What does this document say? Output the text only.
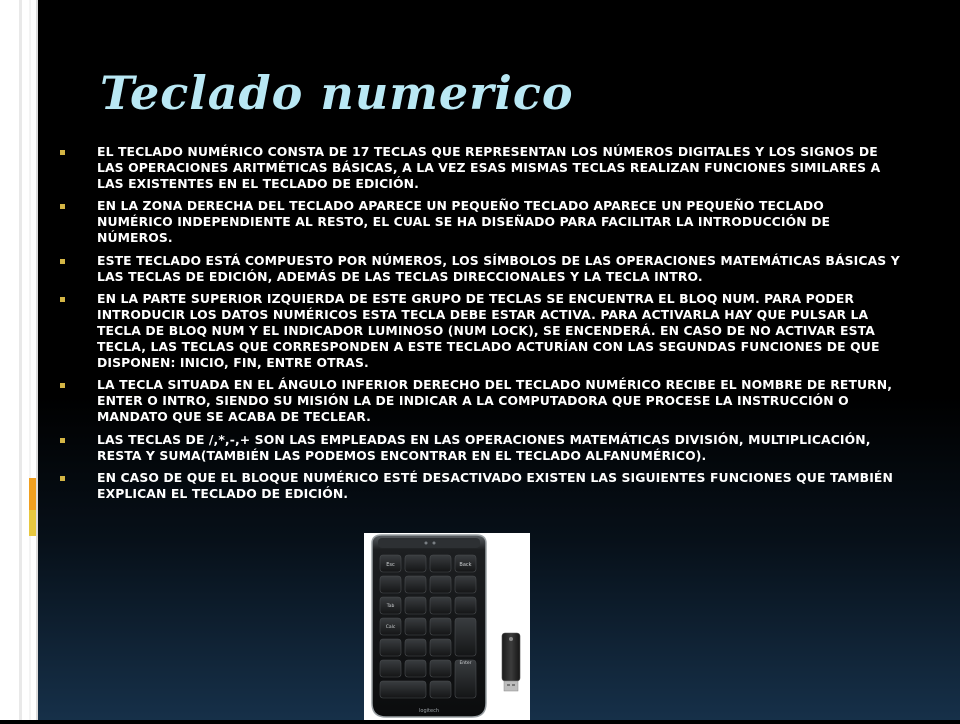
Teclado numerico
EL TECLADO NUMÉRICO CONSTA DE 17 TECLAS QUE REPRESENTAN LOS NÚMEROS DIGITALES Y LOS SIGNOS DE LAS OPERACIONES ARITMÉTICAS BÁSICAS, A LA VEZ ESAS MISMAS TECLAS REALIZAN FUNCIONES SIMILARES A LAS EXISTENTES EN EL TECLADO DE EDICIÓN.
EN LA ZONA DERECHA DEL TECLADO APARECE UN PEQUEÑO TECLADO APARECE UN PEQUEÑO TECLADO NUMÉRICO INDEPENDIENTE AL RESTO, EL CUAL SE HA DISEÑADO PARA FACILITAR LA INTRODUCCIÓN DE NÚMEROS.
ESTE TECLADO ESTÁ COMPUESTO POR NÚMEROS, LOS SÍMBOLOS DE LAS OPERACIONES MATEMÁTICAS BÁSICAS Y LAS TECLAS DE EDICIÓN, ADEMÁS DE LAS TECLAS DIRECCIONALES Y LA TECLA INTRO.
EN LA PARTE SUPERIOR IZQUIERDA DE ESTE GRUPO DE TECLAS SE ENCUENTRA EL BLOQ NUM. PARA PODER INTRODUCIR LOS DATOS NUMÉRICOS ESTA TECLA DEBE ESTAR ACTIVA. PARA ACTIVARLA HAY QUE PULSAR LA TECLA DE BLOQ NUM Y EL INDICADOR LUMINOSO (NUM LOCK), SE ENCENDERÁ. EN CASO DE NO ACTIVAR ESTA TECLA, LAS TECLAS QUE CORRESPONDEN A ESTE TECLADO ACTURÍAN CON LAS SEGUNDAS FUNCIONES DE QUE DISPONEN: INICIO, FIN, ENTRE OTRAS.
LA TECLA SITUADA EN EL ÁNGULO INFERIOR DERECHO DEL TECLADO NUMÉRICO RECIBE EL NOMBRE DE RETURN, ENTER O INTRO, SIENDO SU MISIÓN LA DE INDICAR A LA COMPUTADORA QUE PROCESE LA INSTRUCCIÓN O MANDATO QUE SE ACABA DE TECLEAR.
LAS TECLAS DE /,*,-,+ SON LAS EMPLEADAS EN LAS OPERACIONES MATEMÁTICAS DIVISIÓN, MULTIPLICACIÓN, RESTA Y SUMA(TAMBIÉN LAS PODEMOS ENCONTRAR EN EL TECLADO ALFANUMÉRICO).
EN CASO DE QUE EL BLOQUE NUMÉRICO ESTÉ DESACTIVADO EXISTEN LAS SIGUIENTES FUNCIONES QUE TAMBIÉN EXPLICAN EL TECLADO DE EDICIÓN.
Esc	Back
Tab
Calc
Enter
logitech
